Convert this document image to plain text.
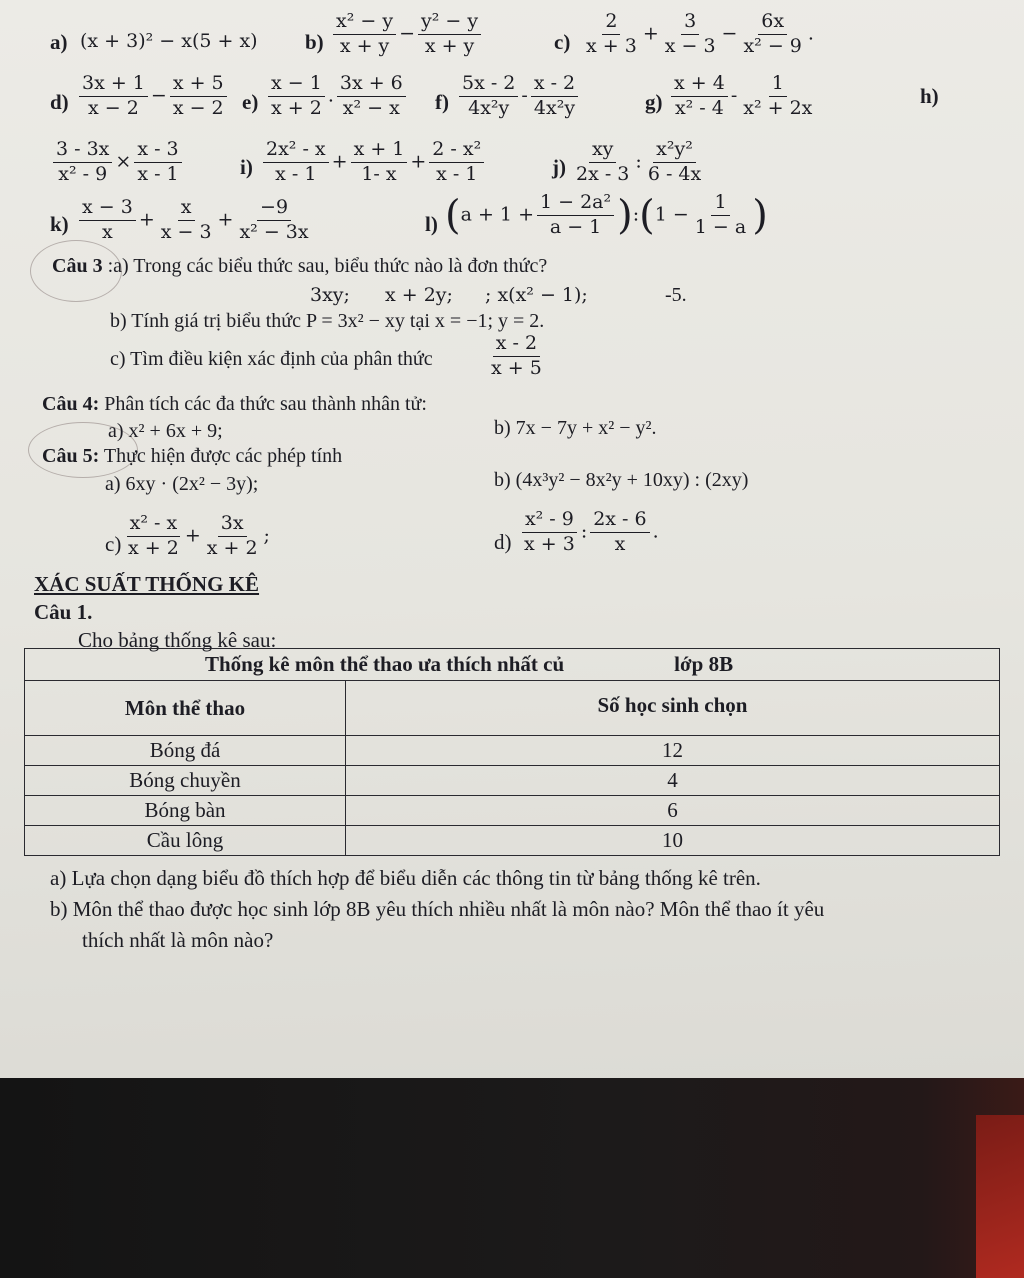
a) (x + 3)² − x(5 + x) $b) \frac{\text{x² − y}}{x + y} - \frac{\text{y² − y}}{x + y}$	$c) \frac{2}{x + 3} + \frac{3}{x - 3} - \frac{6x}{\text{x² − 9}}$ .
$d) \frac{3x + 1}{x - 2} - \frac{x + 5}{x - 2} e) \frac{x - 1}{x + 2}$ . $\frac{3x + 6}{\text{x² − x}} f) \frac{5x - 2}{\text{4x²y}} - \frac{x - 2}{\text{4x²y}}$	$g) \frac{x + 4}{\text{x² - 4}} - \frac{1}{\text{x² + 2x}}$	h)
$\frac{3 - 3x}{\text{x² - 9}} \times \frac{x - 3}{x - 1}$	$i) \frac{\text{2x² - x}}{x - 1} + \frac{x + 1}{1- x} + \frac{\text{2 - x²}}{x - 1}$	$j) \frac{xy}{2x - 3}$ : $\frac{\text{x²y²}}{6 - 4x}$
$k) \frac{x - 3}{x} + \frac{x}{x - 3} + \frac{-9}{\text{x² − 3x}}$	l) ($a + 1 + \frac{\text{1 − 2a²}}{a - 1}$ ):(1 − $\frac{1}{1 - a}$ )
Câu 3 :a) Trong các biểu thức sau, biểu thức nào là đơn thức?
3xy; x + 2y; ; x(x² − 1);	-5.
b) Tính giá trị biểu thức P = 3x² − xy tại x = −1; y = 2.
c) Tìm điều kiện xác định của phân thức	$\frac{x - 2}{x + 5}$
Câu 4: Phân tích các đa thức sau thành nhân tử:
a) x² + 6x + 9;	b) 7x − 7y + x² − y².
Câu 5: Thực hiện được các phép tính
a) 6xy · (2x² − 3y);	b) (4x³y² − 8x²y + 10xy) : (2xy)
$c) \frac{\text{x² - x}}{x + 2} + \frac{3x}{x + 2}$ ;	$d) \frac{\text{x² - 9}}{x + 3}$ : $\frac{2x - 6}{x}$ .
XÁC SUẤT THỐNG KÊ
Câu 1.
Cho bảng thống kê sau:
Thống kê môn thể thao ưa thích nhất củ lớp 8B	
Môn thể thao	Số học sinh chọn
Bóng đá	12
Bóng chuyền	4
Bóng bàn	6
Cầu lông	10
a) Lựa chọn dạng biểu đồ thích hợp để biểu diễn các thông tin từ bảng thống kê trên.
b) Môn thể thao được học sinh lớp 8B yêu thích nhiều nhất là môn nào? Môn thể thao ít yêu
thích nhất là môn nào?
